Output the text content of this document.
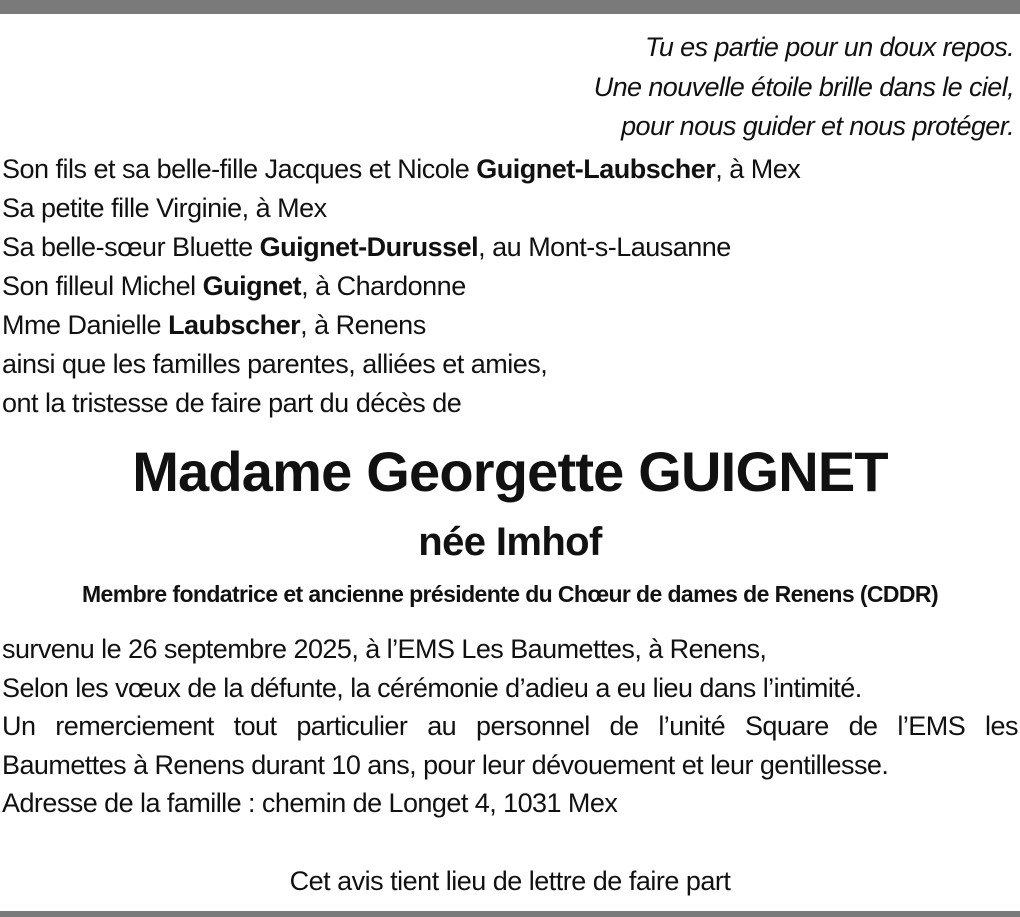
Tu es partie pour un doux repos.
Une nouvelle étoile brille dans le ciel,
pour nous guider et nous protéger.
Son fils et sa belle-fille Jacques et Nicole Guignet-Laubscher, à Mex
Sa petite fille Virginie, à Mex
Sa belle-sœur Bluette Guignet-Durussel, au Mont-s-Lausanne
Son filleul Michel Guignet, à Chardonne
Mme Danielle Laubscher, à Renens
ainsi que les familles parentes, alliées et amies,
ont la tristesse de faire part du décès de
Madame Georgette GUIGNET
née Imhof
Membre fondatrice et ancienne présidente du Chœur de dames de Renens (CDDR)
survenu le 26 septembre 2025, à l’EMS Les Baumettes, à Renens,
Selon les vœux de la défunte, la cérémonie d’adieu a eu lieu dans l’intimité.
Un remerciement tout particulier au personnel de l’unité Square de l’EMS les
Baumettes à Renens durant 10 ans, pour leur dévouement et leur gentillesse.
Adresse de la famille : chemin de Longet 4, 1031 Mex
Cet avis tient lieu de lettre de faire part
